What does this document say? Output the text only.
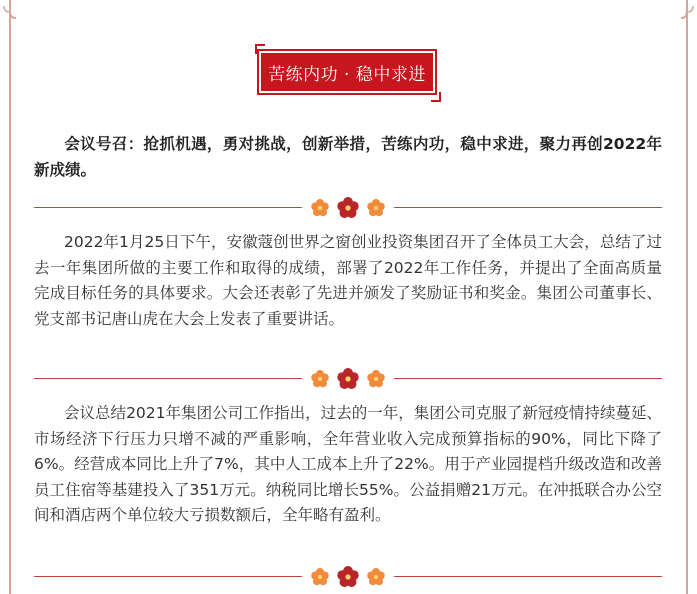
苦练内功 · 稳中求进

会议号召：抢抓机遇，勇对挑战，创新举措，苦练内功，稳中求进，聚力再创2022年新成绩。

2022年1月25日下午，安徽蔻创世界之窗创业投资集团召开了全体员工大会，总结了过去一年集团所做的主要工作和取得的成绩，部署了2022年工作任务，并提出了全面高质量完成目标任务的具体要求。大会还表彰了先进并颁发了奖励证书和奖金。集团公司董事长、党支部书记唐山虎在大会上发表了重要讲话。

会议总结2021年集团公司工作指出，过去的一年，集团公司克服了新冠疫情持续蔓延、市场经济下行压力只增不减的严重影响，全年营业收入完成预算指标的90%，同比下降了6%。经营成本同比上升了7%，其中人工成本上升了22%。用于产业园提档升级改造和改善员工住宿等基建投入了351万元。纳税同比增长55%。公益捐赠21万元。在冲抵联合办公空间和酒店两个单位较大亏损数额后，全年略有盈利。
